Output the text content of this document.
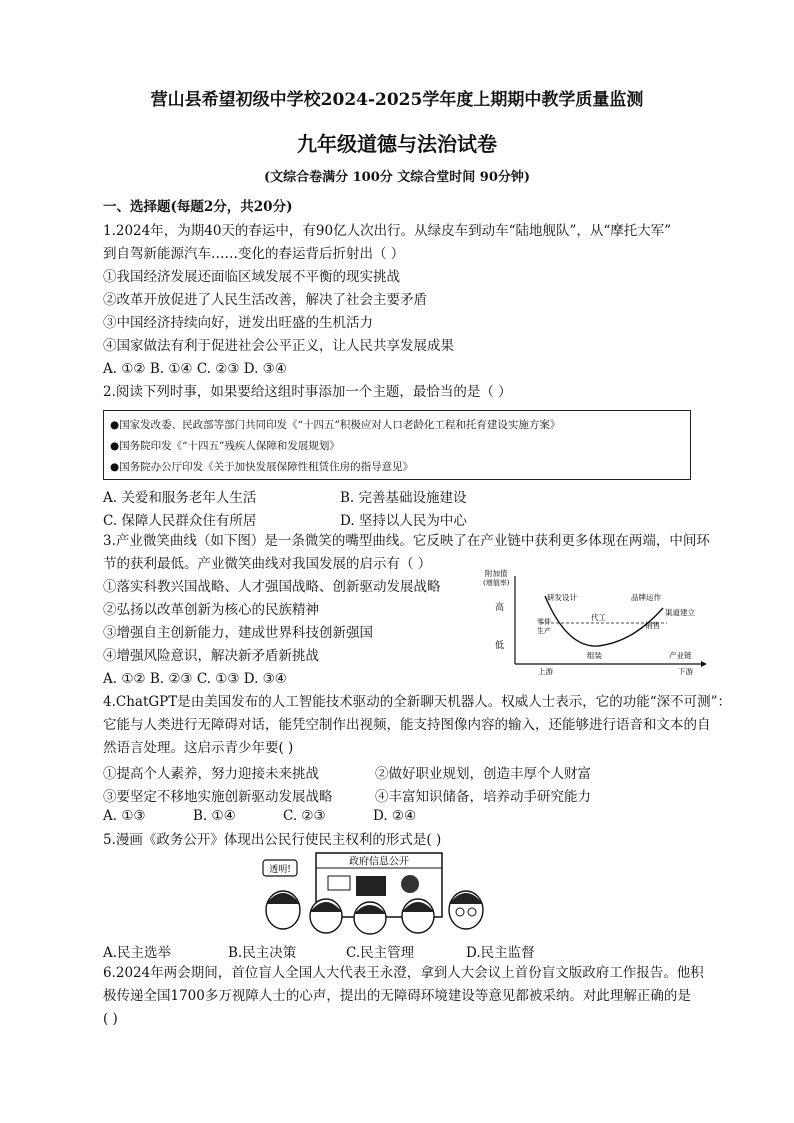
营山县希望初级中学校2024-2025学年度上期期中教学质量监测
九年级道德与法治试卷
(文综合卷满分 100分 文综合堂时间 90分钟)
一、选择题(每题2分，共20分)
1.2024年，为期40天的春运中，有90亿人次出行。从绿皮车到动车“陆地舰队”，从“摩托大军”
到自驾新能源汽车……变化的春运背后折射出（ ）
①我国经济发展还面临区域发展不平衡的现实挑战
②改革开放促进了人民生活改善，解决了社会主要矛盾
③中国经济持续向好，迸发出旺盛的生机活力
④国家做法有利于促进社会公平正义，让人民共享发展成果
A. ①② B. ①④ C. ②③ D. ③④
2.阅读下列时事，如果要给这组时事添加一个主题，最恰当的是（ ）
●国家发改委、民政部等部门共同印发《“十四五”积极应对人口老龄化工程和托育建设实施方案》
●国务院印发《“十四五”残疾人保障和发展规划》
●国务院办公厅印发《关于加快发展保障性租赁住房的指导意见》
A. 关爱和服务老年人生活	B. 完善基础设施建设
C. 保障人民群众住有所居	D. 坚持以人民为中心
3.产业微笑曲线（如下图）是一条微笑的嘴型曲线。它反映了在产业链中获利更多体现在两端，中间环
节的获利最低。产业微笑曲线对我国发展的启示有（ ）
①落实科教兴国战略、人才强国战略、创新驱动发展战略
②弘扬以改革创新为核心的民族精神
③增强自主创新能力，建成世界科技创新强国
④增强风险意识，解决新矛盾新挑战
A. ①② B. ②③ C. ①③ D. ③④
附加值
(增值率)
高
低
上游	下游
产业链
研发设计	品牌运作
代工
零件
生产
渠道建立
销售
组装
4.ChatGPT是由美国发布的人工智能技术驱动的全新聊天机器人。权威人士表示，它的功能“深不可测”：
它能与人类进行无障碍对话，能凭空制作出视频，能支持图像内容的输入，还能够进行语音和文本的自
然语言处理。这启示青少年要( )
①提高个人素养，努力迎接未来挑战	②做好职业规划，创造丰厚个人财富
③要坚定不移地实施创新驱动发展战略	④丰富知识储备，培养动手研究能力
A. ①③	B. ①④	C. ②③	D. ②④
5.漫画《政务公开》体现出公民行使民主权利的形式是( )
政府信息公开
透明!
A.民主选举	B.民主决策	C.民主管理	D.民主监督
6.2024年两会期间，首位盲人全国人大代表王永澄，拿到人大会议上首份盲文版政府工作报告。他积
极传递全国1700多万视障人士的心声，提出的无障碍环境建设等意见都被采纳。对此理解正确的是
( )
